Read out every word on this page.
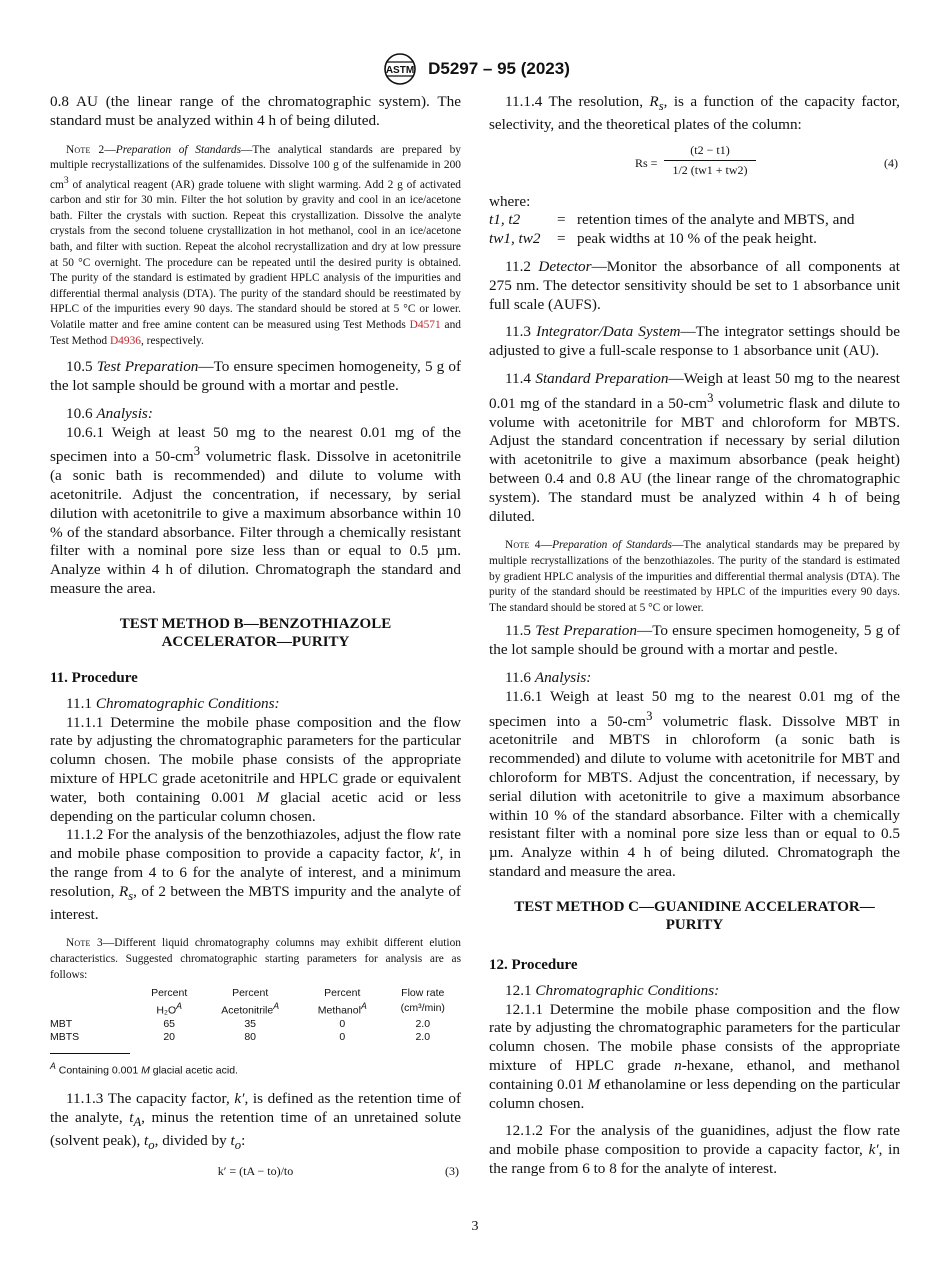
ASTM D5297 – 95 (2023)

0.8 AU (the linear range of the chromatographic system). The standard must be analyzed within 4 h of being diluted.

Note 2—Preparation of Standards—The analytical standards are prepared by multiple recrystallizations of the sulfenamides. Dissolve 100 g of the sulfenamide in 200 $cm^3$ of analytical reagent (AR) grade toluene with slight warming. Add 2 g of activated carbon and stir for 30 min. Filter the hot solution by gravity and cool in an ice/acetone bath. Filter the crystals with suction. Repeat this crystallization. Dissolve the analyte crystals from the second toluene crystallization in hot methanol, cool in an ice/acetone bath, and filter with suction. Repeat the alcohol recrystallization and dry at low pressure at 50 °C overnight. The procedure can be repeated until the desired purity is obtained. The purity of the standard is estimated by gradient HPLC analysis of the impurities and differential thermal analysis (DTA). The purity of the standard should be reestimated by HPLC of the impurities every 90 days. The standard should be stored at 5 °C or lower. Volatile matter and free amine content can be measured using Test Methods D4571 and Test Method D4936, respectively.

10.5 Test Preparation—To ensure specimen homogeneity, 5 g of the lot sample should be ground with a mortar and pestle.

10.6 Analysis:

10.6.1 Weigh at least 50 mg to the nearest 0.01 mg of the specimen into a $50-cm^3$ volumetric flask. Dissolve in acetonitrile (a sonic bath is recommended) and dilute to volume with acetonitrile. Adjust the concentration, if necessary, by serial dilution with acetonitrile to give a maximum absorbance within 10 % of the standard absorbance. Filter through a chemically resistant filter with a nominal pore size less than or equal to 0.5 µm. Analyze within 4 h of dilution. Chromatograph the standard and measure the area.

TEST METHOD B—BENZOTHIAZOLE
ACCELERATOR—PURITY
11. Procedure

11.1 Chromatographic Conditions:

11.1.1 Determine the mobile phase composition and the flow rate by adjusting the chromatographic parameters for the particular column chosen. The mobile phase consists of the appropriate mixture of HPLC grade acetonitrile and HPLC grade or equivalent water, both containing 0.001 M glacial acetic acid or less depending on the particular column chosen.

11.1.2 For the analysis of the benzothiazoles, adjust the flow rate and mobile phase composition to provide a capacity factor, k′, in the range from 4 to 6 for the analyte of interest, and a minimum resolution, $R_s$, of 2 between the MBTS impurity and the analyte of interest.

Note 3—Different liquid chromatography columns may exhibit different elution characteristics. Suggested chromatographic starting parameters for analysis are as follows:

	Percent	Percent	Percent	Flow rate
	$H_2O^A$	Acetonitrile$^A$	Methanol$^A$	(cm³/min)
MBT	65	35	0	2.0
MBTS	20	80	0	2.0
$^A$ Containing 0.001 M glacial acetic acid.

11.1.3 The capacity factor, k′, is defined as the retention time of the analyte, $t_A$, minus the retention time of an unretained solute (solvent peak), $t_o$, divided by $t_o$:

k′ = (tA − to)/to	(3)

11.1.4 The resolution, $R_s$, is a function of the capacity factor, selectivity, and the theoretical plates of the column:

$Rs = \frac{(t2 - t1)}{1/2 (tw1 + tw2)}$	(4)
where:
t1, t2	= retention times of the analyte and MBTS, and
tw1, tw2	= peak widths at 10 % of the peak height.

11.2 Detector—Monitor the absorbance of all components at 275 nm. The detector sensitivity should be set to 1 absorbance unit full scale (AUFS).

11.3 Integrator/Data System—The integrator settings should be adjusted to give a full-scale response to 1 absorbance unit (AU).

11.4 Standard Preparation—Weigh at least 50 mg to the nearest 0.01 mg of the standard in a $50-cm^3$ volumetric flask and dilute to volume with acetonitrile for MBT and chloroform for MBTS. Adjust the standard concentration if necessary by serial dilution with acetonitrile to give a maximum absorbance (peak height) between 0.4 and 0.8 AU (the linear range of the chromatographic system). The standard must be analyzed within 4 h of being diluted.

Note 4—Preparation of Standards—The analytical standards may be prepared by multiple recrystallizations of the benzothiazoles. The purity of the standard is estimated by gradient HPLC analysis of the impurities and differential thermal analysis (DTA). The purity of the standard should be reestimated by HPLC of the impurities every 90 days. The standard should be stored at 5 °C or lower.

11.5 Test Preparation—To ensure specimen homogeneity, 5 g of the lot sample should be ground with a mortar and pestle.

11.6 Analysis:

11.6.1 Weigh at least 50 mg to the nearest 0.01 mg of the specimen into a $50-cm^3$ volumetric flask. Dissolve MBT in acetonitrile and MBTS in chloroform (a sonic bath is recommended) and dilute to volume with acetonitrile for MBT and chloroform for MBTS. Adjust the concentration, if necessary, by serial dilution with acetonitrile to give a maximum absorbance within 10 % of the standard absorbance. Filter with a chemically resistant filter with a nominal pore size less than or equal to 0.5 µm. Analyze within 4 h of being diluted. Chromatograph the standard and measure the area.

TEST METHOD C—GUANIDINE ACCELERATOR—
PURITY
12. Procedure

12.1 Chromatographic Conditions:

12.1.1 Determine the mobile phase composition and the flow rate by adjusting the chromatographic parameters for the particular column chosen. The mobile phase consists of the appropriate mixture of HPLC grade n-hexane, ethanol, and methanol containing 0.01 M ethanolamine or less depending on the particular column chosen.

12.1.2 For the analysis of the guanidines, adjust the flow rate and mobile phase composition to provide a capacity factor, k′, in the range from 6 to 8 for the analyte of interest.

3
